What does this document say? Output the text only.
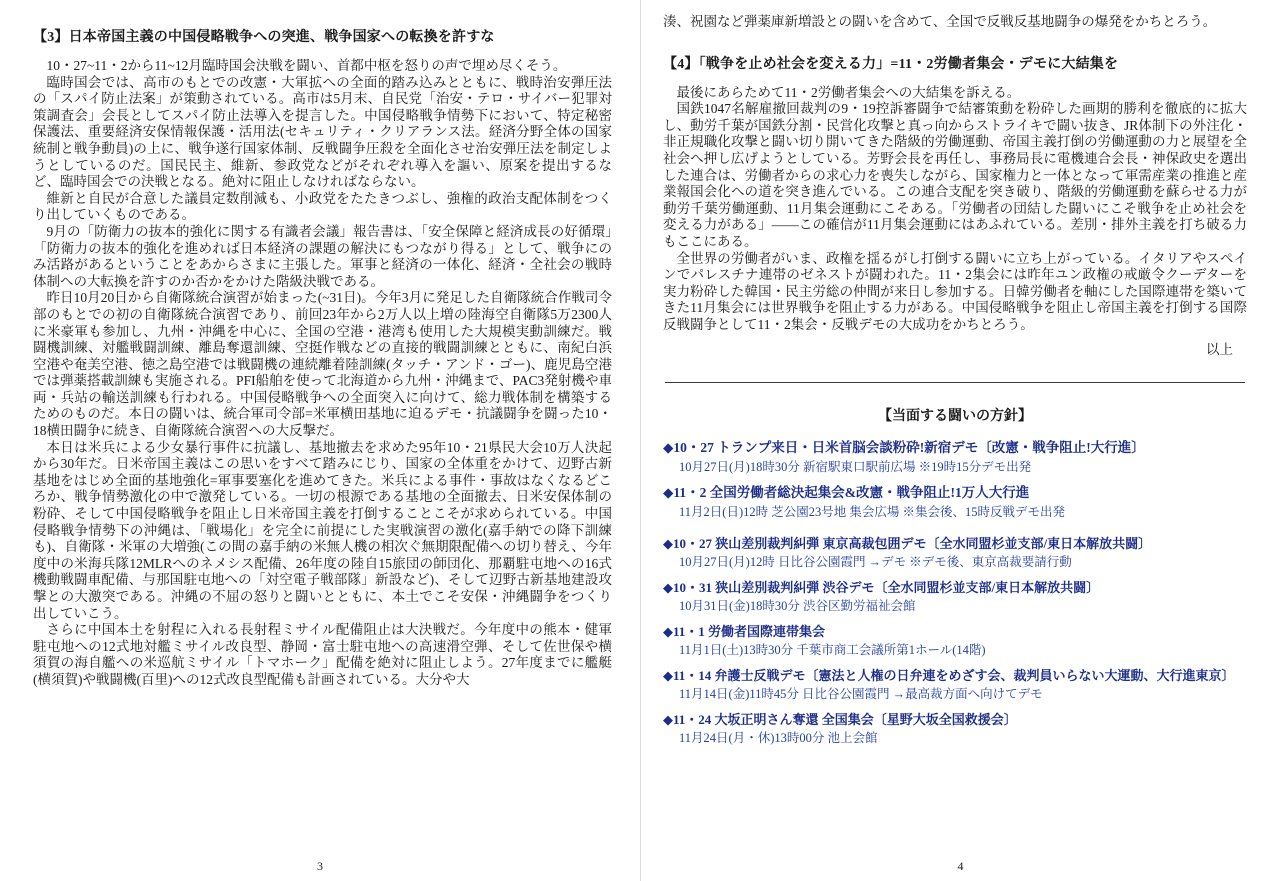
【3】日本帝国主義の中国侵略戦争への突進、戦争国家への転換を許すな

10・27~11・2から11~12月臨時国会決戦を闘い、首都中枢を怒りの声で埋め尽くそう。

臨時国会では、高市のもとでの改憲・大軍拡への全面的踏み込みとともに、戦時治安弾圧法の「スパイ防止法案」が策動されている。高市は5月末、自民党「治安・テロ・サイバー犯罪対策調査会」会長としてスパイ防止法導入を提言した。中国侵略戦争情勢下において、特定秘密保護法、重要経済安保情報保護・活用法(セキュリティ・クリアランス法。経済分野全体の国家統制と戦争動員)の上に、戦争遂行国家体制、反戦闘争圧殺を全面化させ治安弾圧法を制定しようとしているのだ。国民民主、維新、参政党などがそれぞれ導入を謳い、原案を提出するなど、臨時国会での決戦となる。絶対に阻止しなければならない。

維新と自民が合意した議員定数削減も、小政党をたたきつぶし、強権的政治支配体制をつくり出していくものである。

9月の「防衛力の抜本的強化に関する有識者会議」報告書は、「安全保障と経済成長の好循環」「防衛力の抜本的強化を進めれば日本経済の課題の解決にもつながり得る」として、戦争にのみ活路があるということをあからさまに主張した。軍事と経済の一体化、経済・全社会の戦時体制への大転換を許すのか否かをかけた階級決戦である。

昨日10月20日から自衛隊統合演習が始まった(~31日)。今年3月に発足した自衛隊統合作戦司令部のもとでの初の自衛隊統合演習であり、前回23年から2万人以上増の陸海空自衛隊5万2300人に米豪軍も参加し、九州・沖縄を中心に、全国の空港・港湾も使用した大規模実動訓練だ。戦闘機訓練、対艦戦闘訓練、離島奪還訓練、空挺作戦などの直接的戦闘訓練とともに、南紀白浜空港や奄美空港、徳之島空港では戦闘機の連続離着陸訓練(タッチ・アンド・ゴー)、鹿児島空港では弾薬搭載訓練も実施される。PFI船舶を使って北海道から九州・沖縄まで、PAC3発射機や車両・兵站の輸送訓練も行われる。中国侵略戦争への全面突入に向けて、総力戦体制を構築するためのものだ。本日の闘いは、統合軍司令部=米軍横田基地に迫るデモ・抗議闘争を闘った10・18横田闘争に続き、自衛隊統合演習への大反撃だ。

本日は米兵による少女暴行事件に抗議し、基地撤去を求めた95年10・21県民大会10万人決起から30年だ。日米帝国主義はこの思いをすべて踏みにじり、国家の全体重をかけて、辺野古新基地をはじめ全面的基地強化=軍事要塞化を進めてきた。米兵による事件・事故はなくなるどころか、戦争情勢激化の中で激発している。一切の根源である基地の全面撤去、日米安保体制の粉砕、そして中国侵略戦争を阻止し日米帝国主義を打倒することこそが求められている。中国侵略戦争情勢下の沖縄は、「戦場化」を完全に前提にした実戦演習の激化(嘉手納での降下訓練も)、自衛隊・米軍の大増強(この間の嘉手納の米無人機の相次ぐ無期限配備への切り替え、今年度中の米海兵隊12MLRへのネメシス配備、26年度の陸自15旅団の師団化、那覇駐屯地への16式機動戦闘車配備、与那国駐屯地への「対空電子戦部隊」新設など)、そして辺野古新基地建設攻撃との大激突である。沖縄の不屈の怒りと闘いとともに、本土でこそ安保・沖縄闘争をつくり出していこう。

さらに中国本土を射程に入れる長射程ミサイル配備阻止は大決戦だ。今年度中の熊本・健軍駐屯地への12式地対艦ミサイル改良型、静岡・富士駐屯地への高速滑空弾、そして佐世保や横須賀の海自艦への米巡航ミサイル「トマホーク」配備を絶対に阻止しよう。27年度までに艦艇(横須賀)や戦闘機(百里)への12式改良型配備も計画されている。大分や大

3

湊、祝園など弾薬庫新増設との闘いを含めて、全国で反戦反基地闘争の爆発をかちとろう。

【4】「戦争を止め社会を変える力」=11・2労働者集会・デモに大結集を

最後にあらためて11・2労働者集会への大結集を訴える。

国鉄1047名解雇撤回裁判の9・19控訴審闘争で結審策動を粉砕した画期的勝利を徹底的に拡大し、動労千葉が国鉄分割・民営化攻撃と真っ向からストライキで闘い抜き、JR体制下の外注化・非正規職化攻撃と闘い切り開いてきた階級的労働運動、帝国主義打倒の労働運動の力と展望を全社会へ押し広げようとしている。芳野会長を再任し、事務局長に電機連合会長・神保政史を選出した連合は、労働者からの求心力を喪失しながら、国家権力と一体となって軍需産業の推進と産業報国会化への道を突き進んでいる。この連合支配を突き破り、階級的労働運動を蘇らせる力が動労千葉労働運動、11月集会運動にこそある。「労働者の団結した闘いにこそ戦争を止め社会を変える力がある」――この確信が11月集会運動にはあふれている。差別・排外主義を打ち破る力もここにある。

全世界の労働者がいま、政権を揺るがし打倒する闘いに立ち上がっている。イタリアやスペインでパレスチナ連帯のゼネストが闘われた。11・2集会には昨年ユン政権の戒厳令クーデターを実力粉砕した韓国・民主労総の仲間が来日し参加する。日韓労働者を軸にした国際連帯を築いてきた11月集会には世界戦争を阻止する力がある。中国侵略戦争を阻止し帝国主義を打倒する国際反戦闘争として11・2集会・反戦デモの大成功をかちとろう。

以上
【当面する闘いの方針】
◆10・27 トランプ来日・日米首脳会談粉砕!新宿デモ〔改憲・戦争阻止!大行進〕
10月27日(月)18時30分 新宿駅東口駅前広場 ※19時15分デモ出発
◆11・2 全国労働者総決起集会&改憲・戦争阻止!1万人大行進
11月2日(日)12時 芝公園23号地 集会広場 ※集会後、15時反戦デモ出発
◆10・27 狭山差別裁判糾弾 東京高裁包囲デモ〔全水同盟杉並支部/東日本解放共闘〕
10月27日(月)12時 日比谷公園霞門 →デモ ※デモ後、東京高裁要請行動
◆10・31 狭山差別裁判糾弾 渋谷デモ〔全水同盟杉並支部/東日本解放共闘〕
10月31日(金)18時30分 渋谷区勤労福祉会館
◆11・1 労働者国際連帯集会
11月1日(土)13時30分 千葉市商工会議所第1ホール(14階)
◆11・14 弁護士反戦デモ〔憲法と人権の日弁連をめざす会、裁判員いらない大運動、大行進東京〕
11月14日(金)11時45分 日比谷公園霞門 →最高裁方面へ向けてデモ
◆11・24 大坂正明さん奪還 全国集会〔星野大坂全国救援会〕
11月24日(月・休)13時00分 池上会館
4
